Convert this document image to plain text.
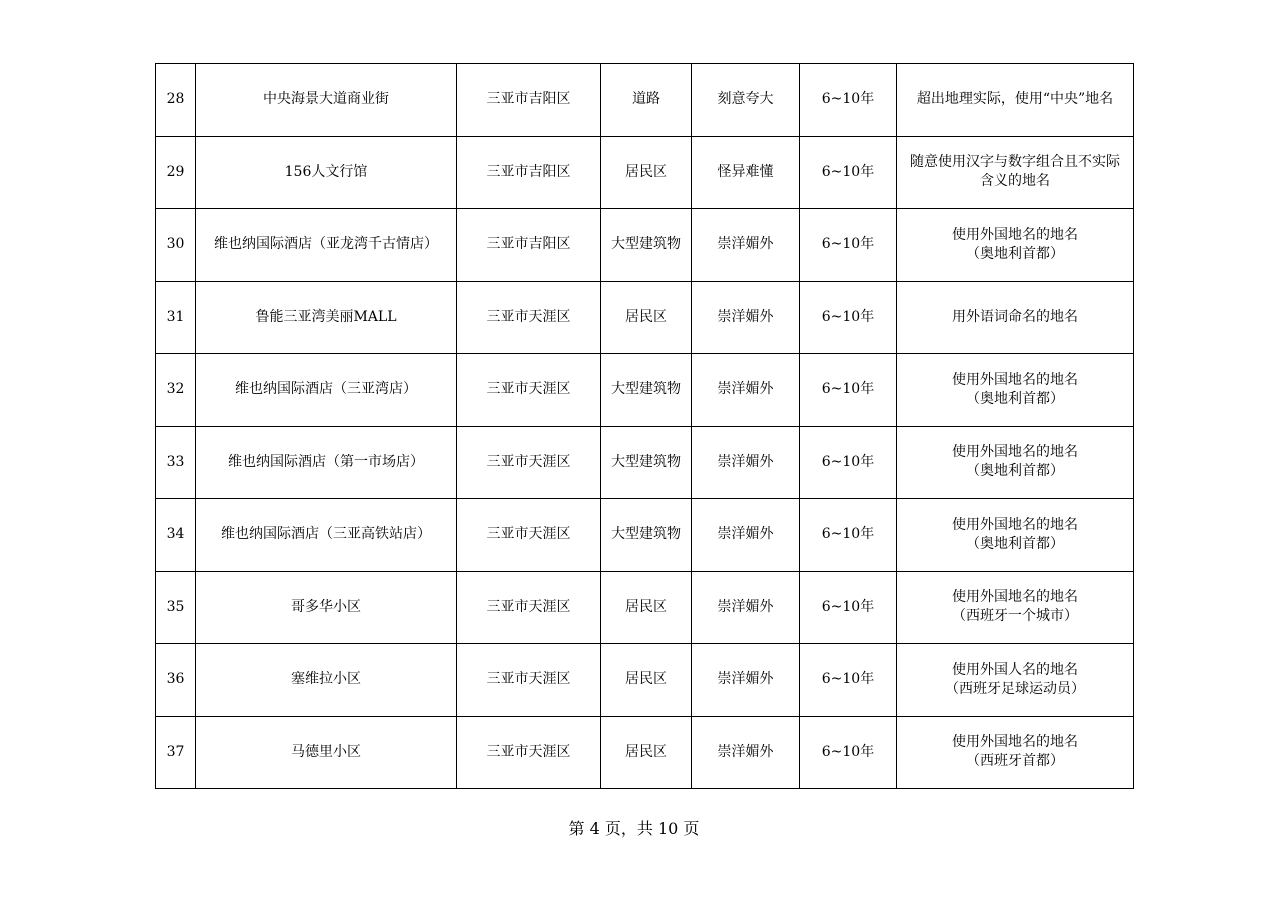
28	中央海景大道商业街	三亚市吉阳区	道路	刻意夸大	6~10年	超出地理实际，使用“中央”地名

29	156人文行馆	三亚市吉阳区	居民区	怪异难懂	6~10年	随意使用汉字与数字组合且不实际
含义的地名

30	维也纳国际酒店（亚龙湾千古情店）	三亚市吉阳区	大型建筑物	崇洋媚外	6~10年	使用外国地名的地名
（奥地利首都）

31	鲁能三亚湾美丽MALL	三亚市天涯区	居民区	崇洋媚外	6~10年	用外语词命名的地名

32	维也纳国际酒店（三亚湾店）	三亚市天涯区	大型建筑物	崇洋媚外	6~10年	使用外国地名的地名
（奥地利首都）

33	维也纳国际酒店（第一市场店）	三亚市天涯区	大型建筑物	崇洋媚外	6~10年	使用外国地名的地名
（奥地利首都）

34	维也纳国际酒店（三亚高铁站店）	三亚市天涯区	大型建筑物	崇洋媚外	6~10年	使用外国地名的地名
（奥地利首都）

35	哥多华小区	三亚市天涯区	居民区	崇洋媚外	6~10年	使用外国地名的地名
（西班牙一个城市）

36	塞维拉小区	三亚市天涯区	居民区	崇洋媚外	6~10年	使用外国人名的地名
（西班牙足球运动员）

37	马德里小区	三亚市天涯区	居民区	崇洋媚外	6~10年	使用外国地名的地名
（西班牙首都）
第 4 页，共 10 页
